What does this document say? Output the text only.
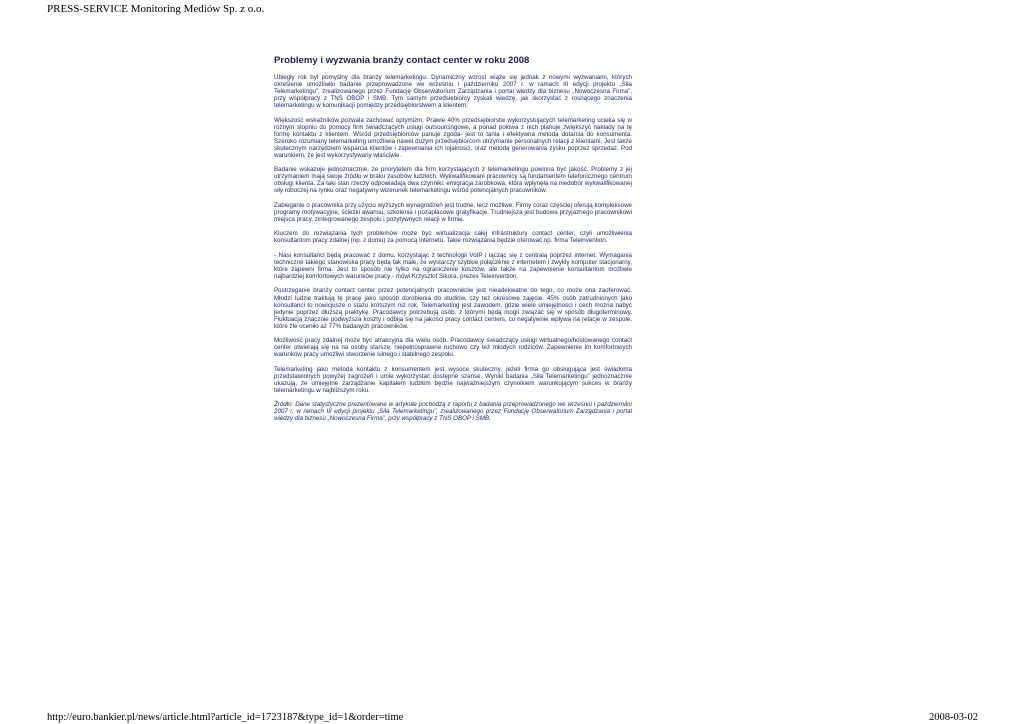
PRESS-SERVICE Monitoring Mediów Sp. z o.o.
Problemy i wyzwania branży contact center w roku 2008

Ubiegły rok był pomyślny dla branży telemarketingu. Dynamiczny wzrost wiąże się jednak z nowymi wyzwaniami, których określenie umożliwiło badanie przeprowadzone we wrześniu i październiku 2007 r. w ramach III edycji projektu „Siła Telemarketingu”, zrealizowanego przez Fundację Obserwatorium Zarządzania i portal wiedzy dla biznesu „Nowoczesna Firma”, przy współpracy z TNS OBOP i SMB. Tym samym przedsiębiorcy zyskali wiedzę, jak skorzystać z rosnącego znaczenia telemarketingu w komunikacji pomiędzy przedsiębiorstwem a klientem.

Większość wskaźników pozwala zachować optymizm. Prawie 40% przedsiębiorstw wykorzystujących telemarketing ucieka się w różnym stopniu do pomocy firm świadczących usługi outsourcingowe, a ponad połowa z nich planuje zwiększyć nakłady na tę formę kontaktu z klientem. Wśród przedsiębiorców panuje zgoda- jest to tania i efektywna metoda dotarcia do konsumenta. Szeroko rozumiany telemarketing umożliwia nawet dużym przedsiębiorcom utrzymanie personalnych relacji z klientami. Jest także skutecznym narzędziem wsparcia klientów i zapewniania ich lojalności, oraz metodą generowania zysku poprzez sprzedaż. Pod warunkiem, że jest wykorzystywany właściwie.

Badanie wskazuje jednoznacznie, że priorytetem dla firm korzystających z telemarketingu powinna być jakość. Problemy z jej utrzymaniem mają swoje źródło w braku zasobów ludzkich. Wykwalifikowani pracownicy są fundamentem telefonicznego centrum obsługi klienta. Za taki stan rzeczy odpowiadają dwa czynniki: emigracja zarobkowa, która wpłynęła na niedobór wykwalifikowanej siły roboczej na rynku oraz negatywny wizerunek telemarketingu wśród potencjalnych pracowników.

Zabieganie o pracownika przy użyciu wyższych wynagrodzeń jest trudne, lecz możliwe. Firmy coraz częściej oferują kompleksowe programy motywacyjne, ścieżki awansu, szkolenia i pozapłacowe gratyfikacje. Trudniejsza jest budowa przyjaznego pracownikowi miejsca pracy, zintegrowanego zespołu i pozytywnych relacji w firmie.

Kluczem do rozwiązania tych problemów może być wirtualizacja całej infrastruktury contact center, czyli umożliwienia konsultantom pracy zdalnej (np. z domu) za pomocą internetu. Takie rozwiązania będzie oferować np. firma Teleinvention.

- Nasi konsultanci będą pracować z domu, korzystając z technologii VoIP i łącząc się z centralą poprzez internet. Wymagania techniczne takiego stanowiska pracy będą tak małe, że wystarczy szybkie połączenie z internetem i zwykły komputer stacjonarny, które zapewni firma. Jest to sposób nie tylko na ograniczenie kosztów, ale także na zapewnienie konsultantom możliwie najbardziej komfortowych warunków pracy - mówi Krzysztof Sikora, prezes Teleinvention.

Postrzeganie branży contact center przez potencjalnych pracowników jest nieadekwatne do tego, co może ona zaoferować. Młodzi ludzie traktują tę pracę jako sposób dorobienia do studiów, czy też okresowe zajęcie. 45% osób zatrudnionych jako konsultanci to nowicjusze o stażu krótszym niż rok. Telemarketing jest zawodem, gdzie wiele umiejętności i cech można nabyć jedynie poprzez dłuższą praktykę. Pracodawcy potrzebują osób, z którymi będą mogli związać się w sposób długoterminowy. Fluktuacja znacznie podwyższa koszty i odbija się na jakości pracy contact centers, co negatywnie wpływa na relacje w zespole, które źle oceniło aż 77% badanych pracowników.

Możliwość pracy zdalnej może być atrakcyjna dla wielu osób. Pracodawcy świadczący usługi wirtualnego/hostowanego contact center otwierają się na na osoby starsze, niepełnosprawne ruchowo czy też młodych rodziców. Zapewnienie im komfortowych warunków pracy umożliwi stworzenie silnego i stabilnego zespołu.

Telemarketing jako metoda kontaktu z konsumentem jest wysoce skuteczny, jeżeli firma go obsługująca jest świadoma przedstawionych powyżej zagrożeń i umie wykorzystać dostępne szanse. Wyniki badania „Siła Telemarketingu” jednoznacznie ukazują, że umiejętne zarządzanie kapitałem ludzkim będzie najważniejszym czynnikiem warunkującym sukces w branży telemarketingu w najbliższym roku.

Źródło: Dane statystyczne prezentowane w artykule pochodzą z raportu z badania przeprowadzonego we wrześniu i październiku 2007 r. w ramach III edycji projektu „Siła Telemarketingu”, zrealizowanego przez Fundację Obserwatorium Zarządzania i portal wiedzy dla biznesu „Nowoczesna Firma”, przy współpracy z TNS OBOP i SMB.

http://euro.bankier.pl/news/article.html?article_id=1723187&type_id=1&order=time	2008-03-02
